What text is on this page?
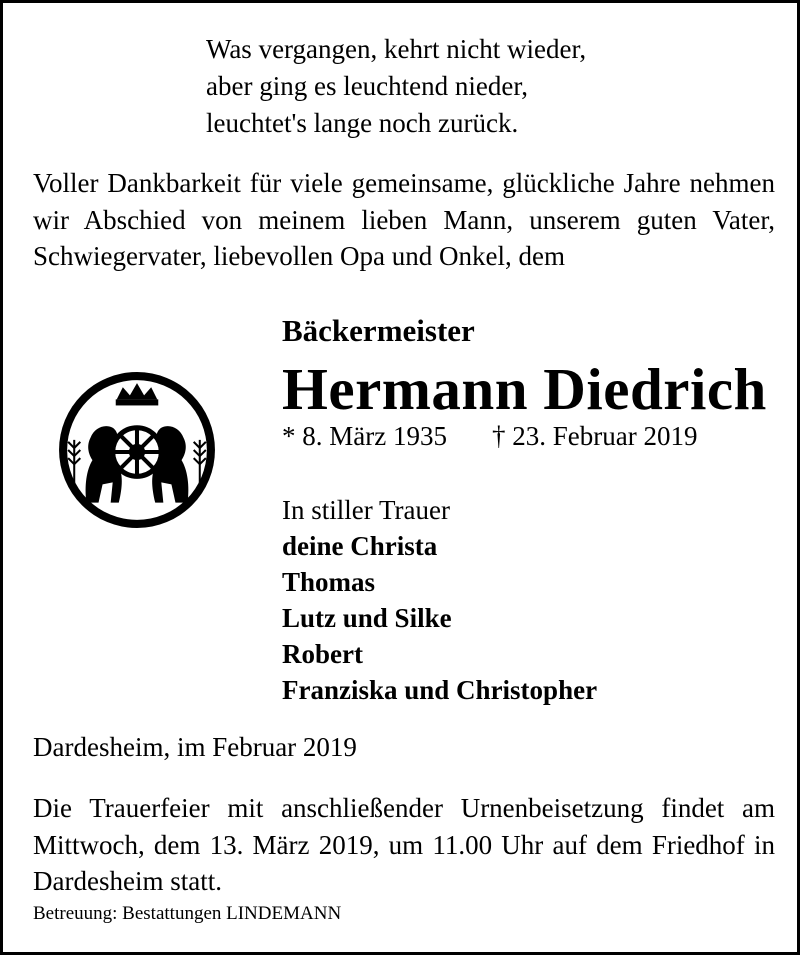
Was vergangen, kehrt nicht wieder,
aber ging es leuchtend nieder,
leuchtet's lange noch zurück.
Voller Dankbarkeit für viele gemeinsame, glückliche Jahre nehmen wir Abschied von meinem lieben Mann, unserem guten Vater, Schwiegervater, liebevollen Opa und Onkel, dem
Bäckermeister
Hermann Diedrich
* 8. März 1935 † 23. Februar 2019
In stiller Trauer
deine Christa
Thomas
Lutz und Silke
Robert
Franziska und Christopher
Dardesheim, im Februar 2019
Die Trauerfeier mit anschließender Urnenbeisetzung findet am Mittwoch, dem 13. März 2019, um 11.00 Uhr auf dem Friedhof in Dardesheim statt.
Betreuung: Bestattungen LINDEMANN
